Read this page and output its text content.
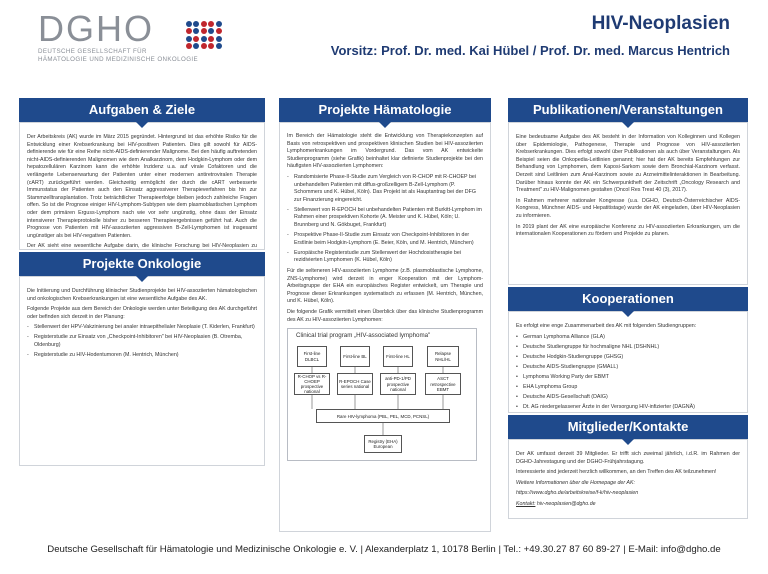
DGHO
DEUTSCHE GESELLSCHAFT FÜR
HÄMATOLOGIE UND MEDIZINISCHE ONKOLOGIE
HIV-Neoplasien
Vorsitz: Prof. Dr. med. Kai Hübel / Prof. Dr. med. Marcus Hentrich
Aufgaben & Ziele

Der Arbeitskreis (AK) wurde im März 2015 gegründet. Hintergrund ist das erhöhte Risiko für die Entwicklung einer Krebserkrankung bei HIV-positiven Patienten. Dies gilt sowohl für AIDS-definierende wie für eine Reihe nicht-AIDS-definierender Malignome. Bei den häufig auftretenden nicht-AIDS-definierenden Malignomen wie dem Analkarzinom, dem Hodgkin-Lymphom oder dem hepatozellulären Karzinom kann die erhöhte Inzidenz u.a. auf virale Cofaktoren und die verlängerte Lebenserwartung der Patienten unter einer modernen antiretroviralen Therapie (cART) zurückgeführt werden. Gleichzeitig ermöglicht der durch die cART verbesserte Immunstatus der Patienten auch den Einsatz aggressiverer Therapieverfahren bis hin zur Stammzelltransplantation. Trotz beträchtlicher Therapieerfolge bleiben jedoch zahlreiche Fragen offen. So ist die Prognose einiger HIV-Lymphom-Subtypen wie dem plasmoblastischen Lymphom oder dem primären Erguss-Lymphom nach wie vor sehr ungünstig, ohne dass der Einsatz intensiverer Therapieprotokolle bisher zu besseren Therapieergebnissen geführt hat. Auch die Prognose von Patienten mit HIV-assoziierten aggressiven B-Zell-Lymphomen ist insgesamt ungünstiger als bei HIV-negativen Patienten.

Der AK sieht eine wesentliche Aufgabe darin, die klinische Forschung bei HIV-Neoplasien zu

Projekte Onkologie

Die Initiierung und Durchführung klinischer Studienprojekte bei HIV-assoziierten hämatologischen und onkologischen Krebserkrankungen ist eine wesentliche Aufgabe des AK.

Folgende Projekte aus dem Bereich der Onkologie werden unter Beteiligung des AK durchgeführt oder befinden sich derzeit in der Planung:

- Stellenwert der HPV-Vakzinierung bei analer intraepithelialer Neoplasie (T. Kiderlen, Frankfurt)
- Registerstudie zur Einsatz von „Checkpoint-Inhibitoren" bei HIV-Neoplasien (B. Otremba, Oldenburg)
- Registerstudie zu HIV-Hodentumoren (M. Hentrich, München)
Projekte Hämatologie

Im Bereich der Hämatologie steht die Entwicklung von Therapiekonzepten auf Basis von retrospektiven und prospektiven klinischen Studien bei HIV-assoziierten Lymphomerkrankungen im Vordergrund. Das vom AK entwickelte Studienprogramm (siehe Grafik) beinhaltet klar definierte Studienprojekte bei den häufigsten HIV-assoziierten Lymphomen:

- Randomisierte Phase-II-Studie zum Vergleich von R-CHOP mit R-CHOEP bei unbehandelten Patienten mit diffus-großzelligem B-Zell-Lymphom (P. Schommers und K. Hübel, Köln). Das Projekt ist als Hauptantrag bei der DFG zur Finanzierung eingereicht.
- Stellenwert von R-EPOCH bei unbehandelten Patienten mit Burkitt-Lymphom im Rahmen einer prospektiven Kohorte (A. Meister und K. Hübel, Köln; U. Brunnberg und N. Gökbuget, Frankfurt)
- Prospektive Phase-II-Studie zum Einsatz von Checkpoint-Inhibitoren in der Erstlinie beim Hodgkin-Lymphom (E. Beier, Köln, und M. Hentrich, München)
- Europäische Registerstudie zum Stellenwert der Hochdosistherapie bei rezidivierten Lymphomen (K. Hübel, Köln)

Für die selteneren HIV-assoziierten Lymphome (z.B. plasmoblastische Lymphome, ZNS-Lymphome) wird derzeit in enger Kooperation mit der Lymphom-Arbeitsgruppe der EHA ein europäisches Register entwickelt, um Therapie und Prognose dieser Erkrankungen systematisch zu erfassen (M. Hentrich, München, und K. Hübel, Köln).

Die folgende Grafik vermittelt einen Überblick über das klinische Studienprogramm des AK zu HIV-assoziierten Lymphomen:

Clinical trial program „HIV-associated lymphoma"
First-line DLBCL
First-line BL	First-line HL
Relapse NHL/HL
R-CHOP vs R-CHOEP prospective national
R-EPOCH Case series national
anti-PD-1/PD prospective national
ASCT retrospective EBMT
Rare HIV-lymphoma (PBL, PEL, MCD, PCNSL)
Registry (EHA) European
Publikationen/Veranstaltungen

Eine bedeutsame Aufgabe des AK besteht in der Information von Kolleginnen und Kollegen über Epidemiologie, Pathogenese, Therapie und Prognose von HIV-assoziierten Krebserkrankungen. Dies erfolgt sowohl über Publikationen als auch über Veranstaltungen. Als Beispiel seien die Onkopedia-Leitlinien genannt; hier hat der AK bereits Empfehlungen zur Behandlung von Lymphomen, dem Kaposi-Sarkom sowie dem Bronchial-Karzinom verfasst. Derzeit sind Leitlinien zum Anal-Karzinom sowie zu Arzneimittelinteraktionen in Bearbeitung. Darüber hinaus konnte der AK ein Schwerpunktheft der Zeitschrift „Oncology Research and Treatment" zu HIV-Malignomen gestalten (Oncol Res Treat 40 (3), 2017).

In Rahmen mehrerer nationaler Kongresse (u.a. DGHO, Deutsch-Österreichischer AIDS-Kongress, Münchner AIDS- und Hepatitistage) wurde der AK eingeladen, über HIV-Neoplasien zu informieren.

In 2019 plant der AK eine europäische Konferenz zu HIV-assoziierten Erkrankungen, um die internationalen Kooperationen zu fördern und Projekte zu planen.

Kooperationen

Es erfolgt eine enge Zusammenarbeit des AK mit folgenden Studiengruppen:

• German Lymphoma Alliance (GLA)
• Deutsche Studiengruppe für hochmaligne NHL (DSHNHL)
• Deutsche Hodgkin-Studiengruppe (GHSG)
• Deutsche AIDS-Studiengruppe (GMALL)
• Lymphoma Working Party der EBMT
• EHA Lymphoma Group
• Deutsche AIDS-Gesellschaft (DAIG)
• Dt. AG niedergelassener Ärzte in der Versorgung HIV-infizierter (DAGNÄ)
Mitglieder/Kontakte

Der AK umfasst derzeit 39 Mitglieder. Er trifft sich zweimal jährlich, i.d.R. im Rahmen der DGHO-Jahrestagung und der DGHO-Frühjahrstagung.

Interessierte sind jederzeit herzlich willkommen, an den Treffen des AK teilzunehmen!

Weitere Informationen über die Homepage der AK:

https://www.dgho.de/arbeitskreise/f-k/hiv-neoplasien

Kontakt: hiv-neoplasien@dgho.de

Deutsche Gesellschaft für Hämatologie und Medizinische Onkologie e. V. | Alexanderplatz 1, 10178 Berlin | Tel.: +49.30.27 87 60 89-27 | E-Mail: info@dgho.de
